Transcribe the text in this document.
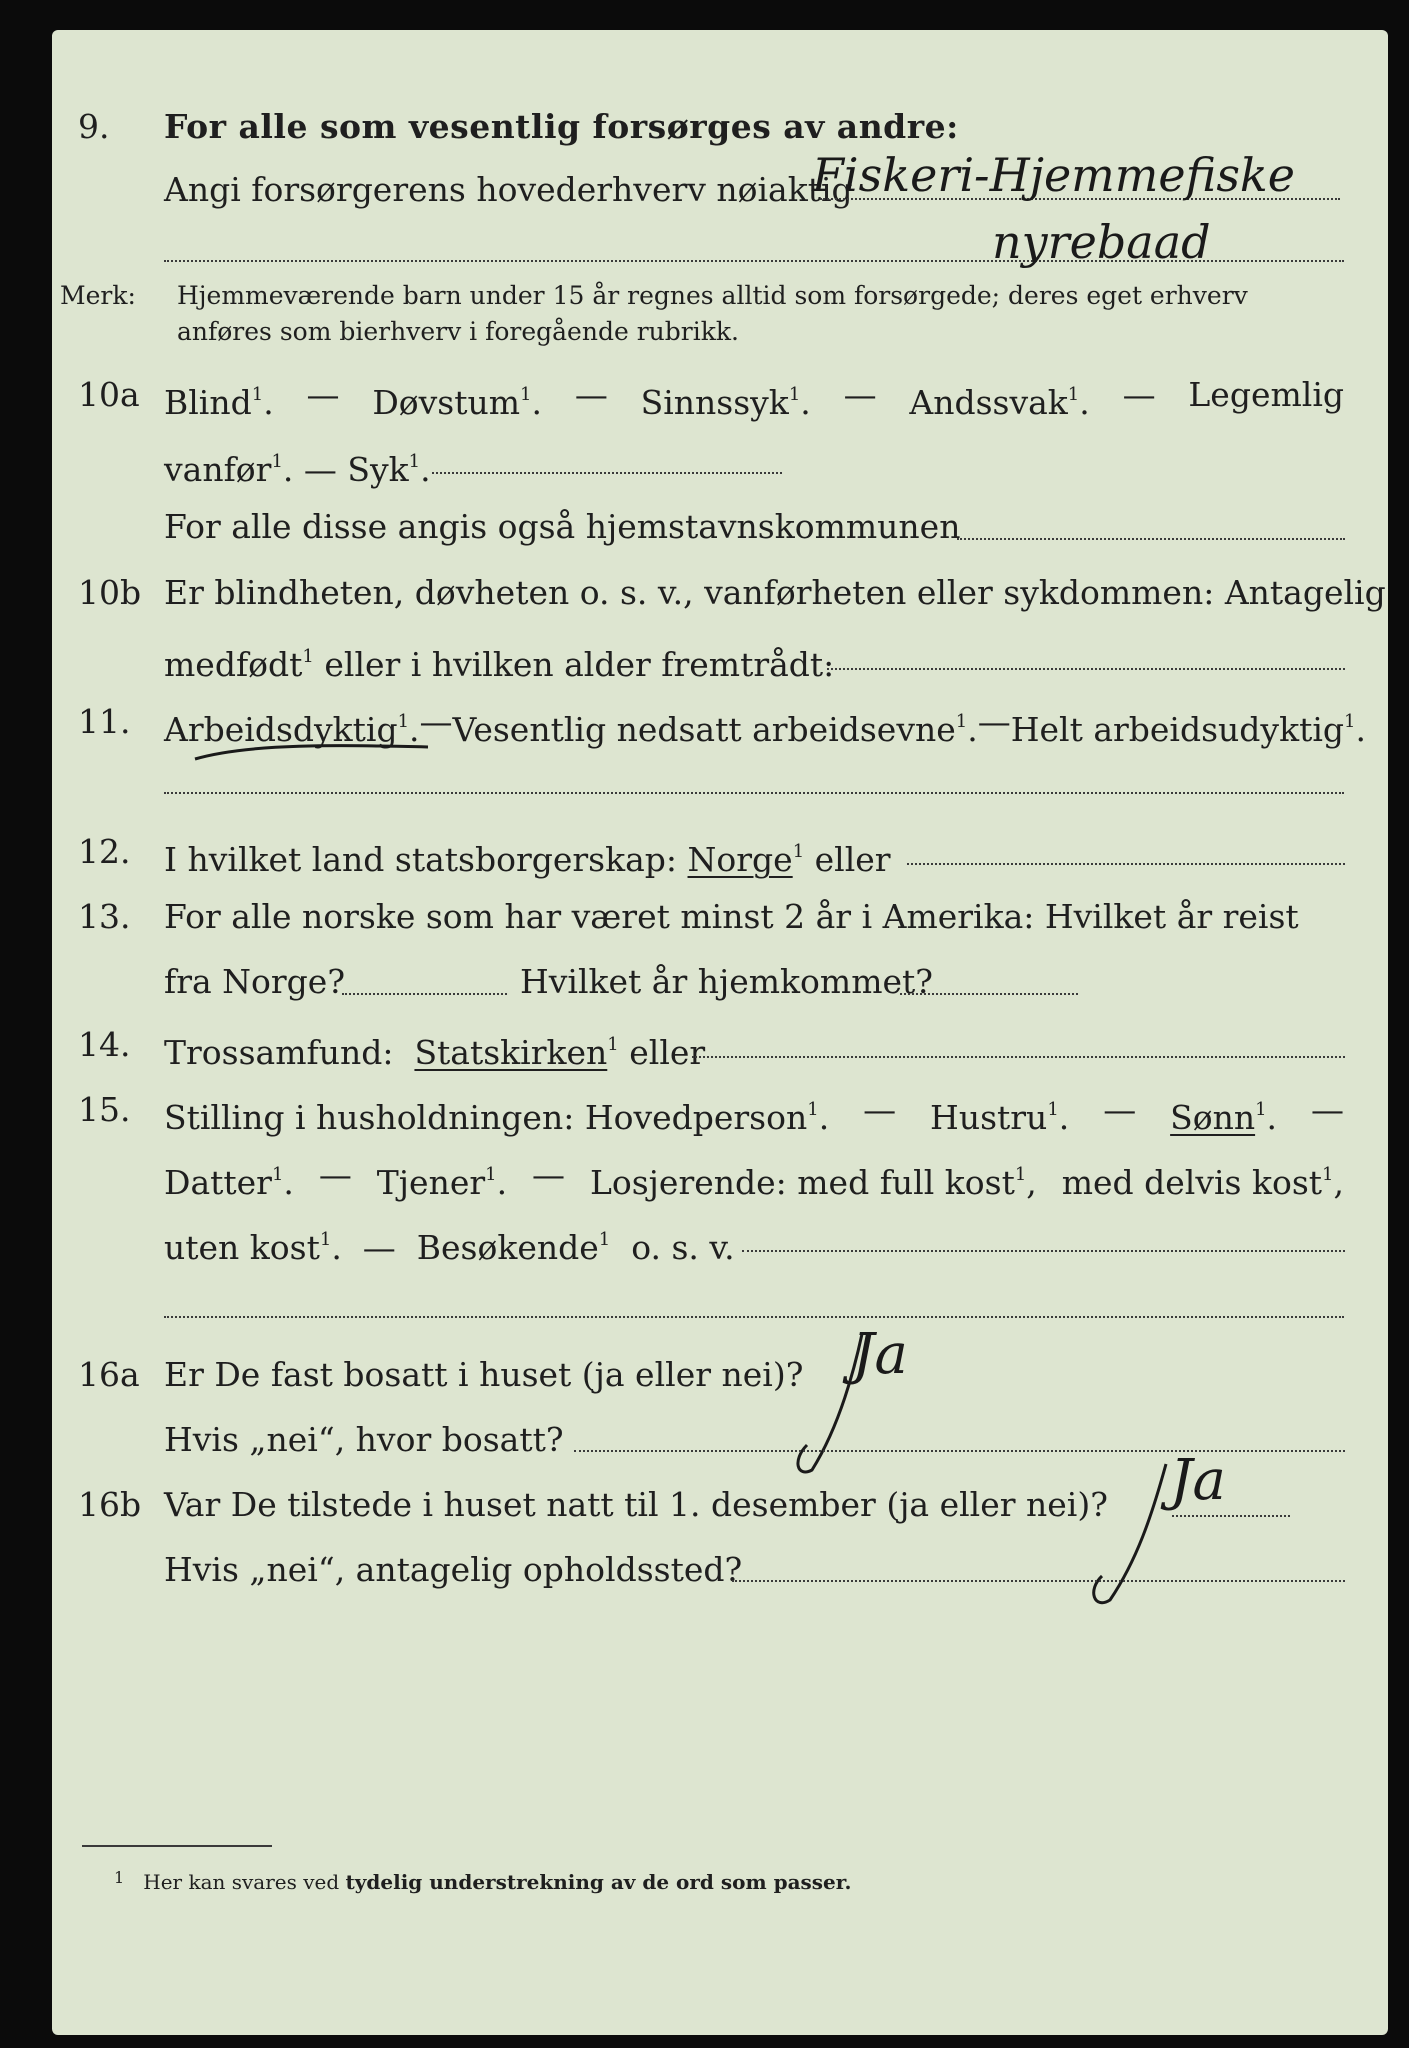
9.	For alle som vesentlig forsørges av andre:
Angi forsørgerens hovederhverv nøiaktig
Fiskeri-Hjemmefiske
nyrebaad
Merk:	Hjemmeværende barn under 15 år regnes alltid som forsørgede; deres eget erhverv
anføres som bierhverv i foregående rubrikk.
10a Blind$^1$. — Døvstum$^1$. — Sinnssyk$^1$. — Andssvak$^1$. — Legemlig
vanfør$^1$. — Syk$^1$.
For alle disse angis også hjemstavnskommunen
10b Er blindheten, døvheten o. s. v., vanførheten eller sykdommen: Antagelig
medfødt$^1$ eller i hvilken alder fremtrådt:
11.	Arbeidsdyktig$^1$. — Vesentlig nedsatt arbeidsevne$^1$. — Helt arbeidsudyktig$^1$.
12.	I hvilket land statsborgerskap: Norge$^1$ eller
13.	For alle norske som har været minst 2 år i Amerika: Hvilket år reist
fra Norge?	Hvilket år hjemkommet?
14.	Trossamfund: Statskirken$^1$ eller
15.	Stilling i husholdningen: Hovedperson$^1$. — Hustru$^1$. — Sønn$^1$. —
Datter$^1$. — Tjener$^1$. — Losjerende: med full kost$^1$, med delvis kost$^1$,
uten kost$^1$.  —  Besøkende$^1$ o. s. v.
16a Er De fast bosatt i huset (ja eller nei)? Ja
Hvis „nei“, hvor bosatt?
16b Var De tilstede i huset natt til 1. desember (ja eller nei)? Ja
Hvis „nei“, antagelig opholdssted?
$^1$ Her kan svares ved tydelig understrekning av de ord som passer.
